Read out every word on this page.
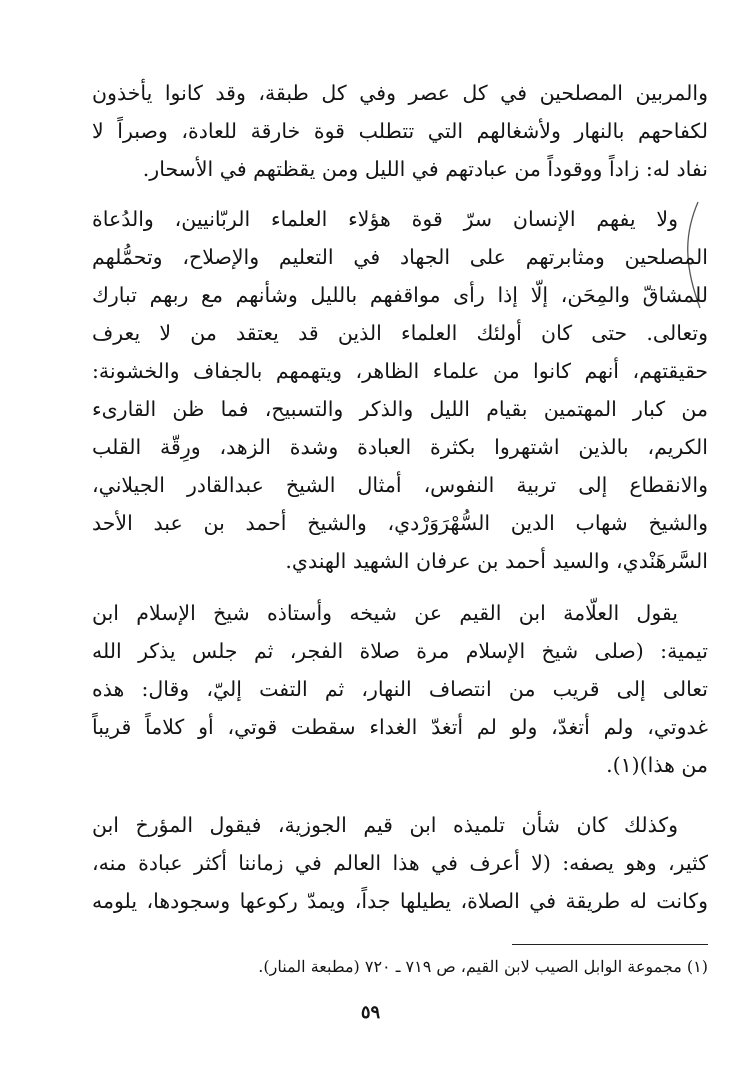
والمربين المصلحين في كل عصر وفي كل طبقة، وقد كانوا يأخذون
لكفاحهم بالنهار ولأشغالهم التي تتطلب قوة خارقة للعادة، وصبراً لا
نفاد له: زاداً ووقوداً من عبادتهم في الليل ومن يقظتهم في الأسحار.
ولا يفهم الإنسان سرّ قوة هؤلاء العلماء الربّانيين، والدُعاة
المصلحين ومثابرتهم على الجهاد في التعليم والإصلاح، وتحمُّلهم
للمشاقّ والمِحَن، إلّا إذا رأى مواقفهم بالليل وشأنهم مع ربهم تبارك
وتعالى. حتى كان أولئك العلماء الذين قد يعتقد من لا يعرف
حقيقتهم، أنهم كانوا من علماء الظاهر، ويتهمهم بالجفاف والخشونة:
من كبار المهتمين بقيام الليل والذكر والتسبيح، فما ظن القارىء
الكريم، بالذين اشتهروا بكثرة العبادة وشدة الزهد، ورِقّة القلب
والانقطاع إلى تربية النفوس، أمثال الشيخ عبدالقادر الجيلاني،
والشيخ شهاب الدين السُّهْرَوَرْدي، والشيخ أحمد بن عبد الأحد
السَّرهَنْدي، والسيد أحمد بن عرفان الشهيد الهندي.
يقول العلّامة ابن القيم عن شيخه وأستاذه شيخ الإسلام ابن
تيمية: (صلى شيخ الإسلام مرة صلاة الفجر، ثم جلس يذكر الله
تعالى إلى قريب من انتصاف النهار، ثم التفت إليّ، وقال: هذه
غدوتي، ولم أتغدّ، ولو لم أتغدّ الغداء سقطت قوتي، أو كلاماً قريباً
من هذا)(١).
وكذلك كان شأن تلميذه ابن قيم الجوزية، فيقول المؤرخ ابن
كثير، وهو يصفه: (لا أعرف في هذا العالم في زماننا أكثر عبادة منه،
وكانت له طريقة في الصلاة، يطيلها جداً، ويمدّ ركوعها وسجودها، يلومه
(١) مجموعة الوابل الصيب لابن القيم، ص ٧١٩ ـ ٧٢٠ (مطبعة المنار).
٥٩
